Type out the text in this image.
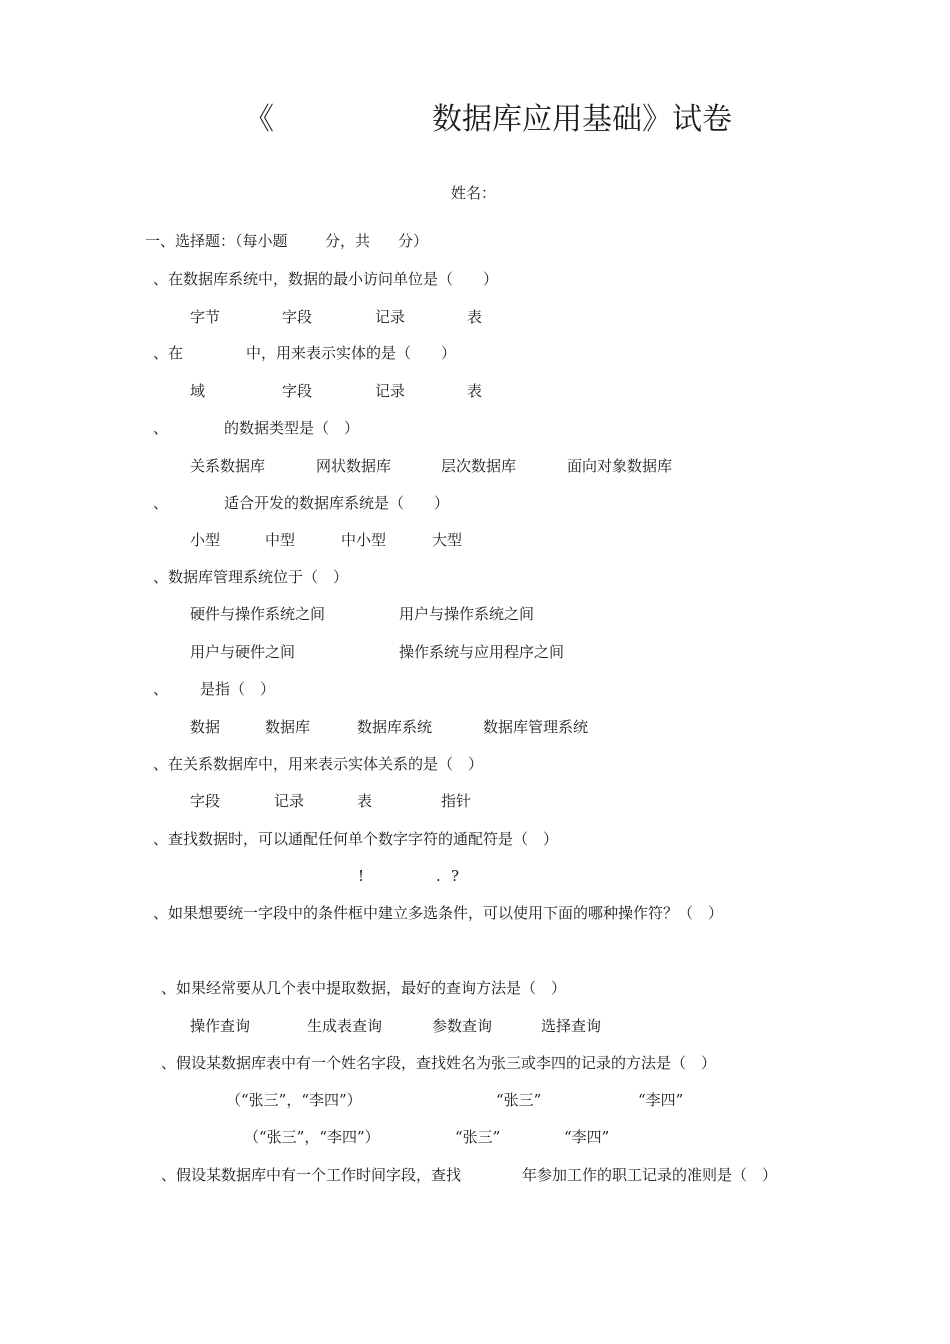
《	数据库应用基础》试卷
姓名：
一、选择题：（每小题 分，共 分）
、在数据库系统中，数据的最小访问单位是（　　）
字节	字段	记录	表
、在	中，用来表示实体的是（　　）
域	字段	记录	表
、	的数据类型是（　）
关系数据库	网状数据库	层次数据库	面向对象数据库
、	适合开发的数据库系统是（　　）
小型	中型	中小型	大型
、数据库管理系统位于（　）
硬件与操作系统之间	用户与操作系统之间
用户与硬件之间	操作系统与应用程序之间
、 是指（　）
数据	数据库	数据库系统	数据库管理系统
、在关系数据库中，用来表示实体关系的是（　）
字段	记录	表	指针
、查找数据时，可以通配任何单个数字字符的通配符是（　）
!	. ?
、如果想要统一字段中的条件框中建立多选条件，可以使用下面的哪种操作符？（　）
、如果经常要从几个表中提取数据，最好的查询方法是（　）
操作查询	生成表查询	参数查询	选择查询
、假设某数据库表中有一个姓名字段，查找姓名为张三或李四的记录的方法是（　）
（“张三”，“李四”）	“张三”	“李四”
（“张三”，“李四”）	“张三”	“李四”
、假设某数据库中有一个工作时间字段，查找	年参加工作的职工记录的准则是（　）
